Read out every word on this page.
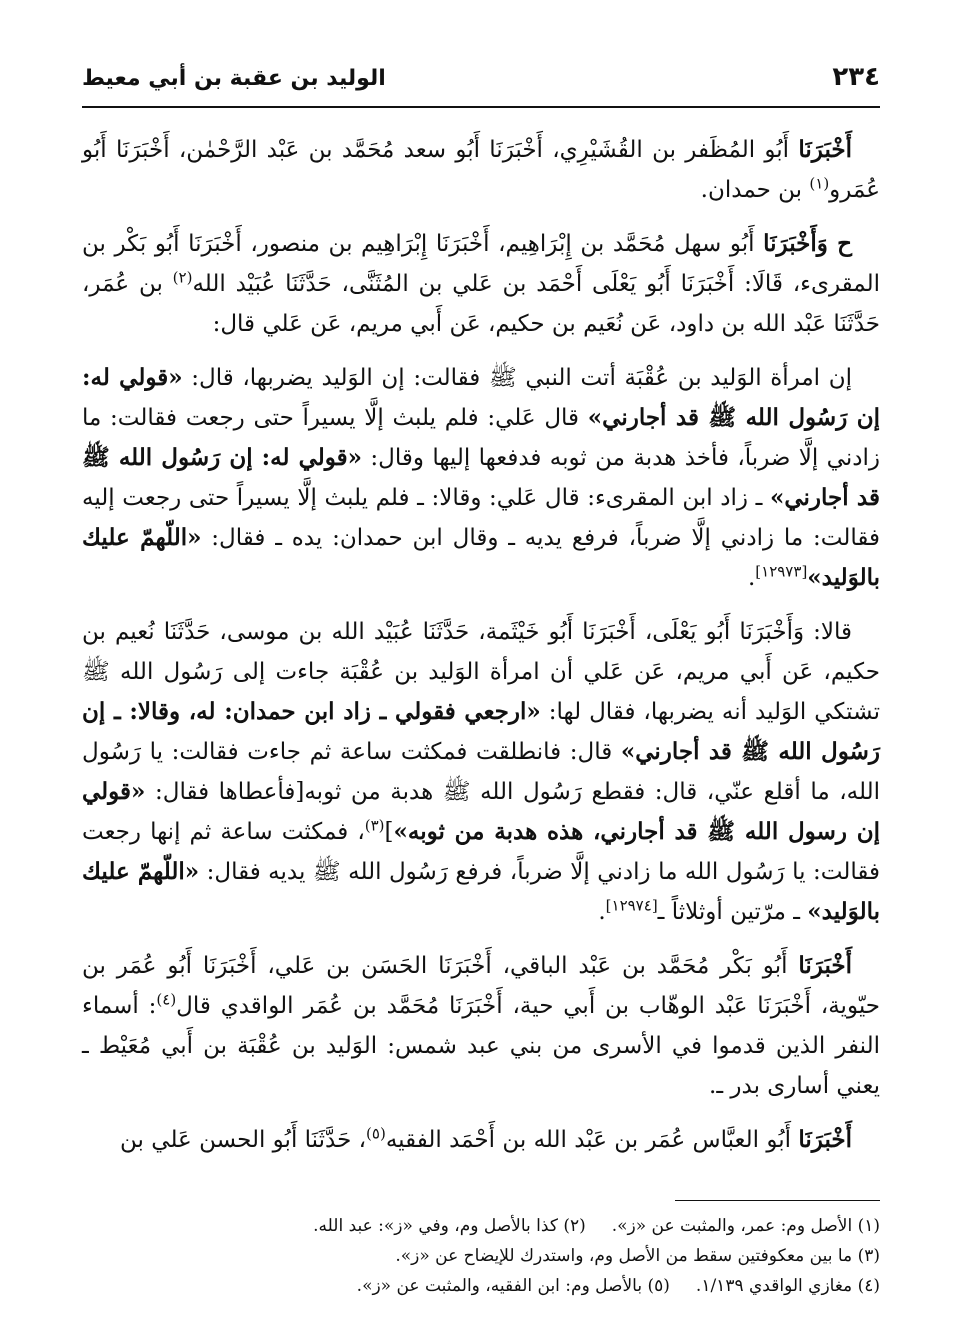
٢٣٤
الوليد بن عقبة بن أبي معيط

أَخْبَرَنَا أَبُو المُظَفر بن القُشَيْرِي، أَخْبَرَنَا أَبُو سعد مُحَمَّد بن عَبْد الرَّحْمٰن، أَخْبَرَنَا أَبُو عُمَرو$^{(١)}$ بن حمدان.

ح وَأَخْبَرَنَا أَبُو سهل مُحَمَّد بن إِبْرَاهِيم، أَخْبَرَنَا إِبْرَاهِيم بن منصور، أَخْبَرَنَا أَبُو بَكْر بن المقرىء، قَالَا: أَخْبَرَنَا أَبُو يَعْلَى أَحْمَد بن عَلي بن المُثَنَّى، حَدَّثَنَا عُبَيْد الله$^{(٢)}$ بن عُمَر، حَدَّثَنَا عَبْد الله بن داود، عَن نُعَيم بن حكيم، عَن أَبي مريم، عَن عَلي قال:

إن امرأة الوَليد بن عُقْبَة أتت النبي ﷺ فقالت: إن الوَليد يضربها، قال: «قولي له: إن رَسُول الله ﷺ قد أجارني» قال عَلي: فلم يلبث إلَّا يسيراً حتى رجعت فقالت: ما زادني إلَّا ضرباً، فأخذ هدبة من ثوبه فدفعها إليها وقال: «قولي له: إن رَسُول الله ﷺ قد أجارني» ـ زاد ابن المقرىء: قال عَلي: وقالا: ـ فلم يلبث إلَّا يسيراً حتى رجعت إليه فقالت: ما زادني إلَّا ضرباً، فرفع يديه ـ وقال ابن حمدان: يده ـ فقال: «اللّهمّ عليك بالوَليد»[١٢٩٧٣].

قالا: وَأَخْبَرَنَا أَبُو يَعْلَى، أَخْبَرَنَا أَبُو خَيْثَمة، حَدَّثَنَا عُبَيْد الله بن موسى، حَدَّثَنَا نُعيم بن حكيم، عَن أَبي مريم، عَن عَلي أن امرأة الوَليد بن عُقْبَة جاءت إلى رَسُول الله ﷺ تشتكي الوَليد أنه يضربها، فقال لها: «ارجعي فقولي ـ زاد ابن حمدان: له، وقالا: ـ إن رَسُول الله ﷺ قد أجارني» قال: فانطلقت فمكثت ساعة ثم جاءت فقالت: يا رَسُول الله، ما أقلع عنّي، قال: فقطع رَسُول الله ﷺ هدبة من ثوبه[فأعطاها فقال: «قولي إن رسول الله ﷺ قد أجارني، هذه هدبة من ثوبه»]$^{(٣)}$، فمكثت ساعة ثم إنها رجعت فقالت: يا رَسُول الله ما زادني إلَّا ضرباً، فرفع رَسُول الله ﷺ يديه فقال: «اللّهمّ عليك بالوَليد» ـ مرّتين أوثلاثاً ـ[١٢٩٧٤].

أَخْبَرَنَا أَبُو بَكْر مُحَمَّد بن عَبْد الباقي، أَخْبَرَنَا الحَسَن بن عَلي، أَخْبَرَنَا أَبُو عُمَر بن حيّوية، أَخْبَرَنَا عَبْد الوهّاب بن أَبي حية، أَخْبَرَنَا مُحَمَّد بن عُمَر الواقدي قال$^{(٤)}$: أسماء النفر الذين قدموا في الأسرى من بني عبد شمس: الوَليد بن عُقْبَة بن أَبي مُعَيْط ـ يعني أسارى بدر ـ.

أَخْبَرَنَا أَبُو العبَّاس عُمَر بن عَبْد الله بن أَحْمَد الفقيه$^{(٥)}$، حَدَّثَنَا أَبُو الحسن عَلي بن

(١) الأصل وم: عمر، والمثبت عن «ز».
(٢) كذا بالأصل وم، وفي «ز»: عبد الله.
(٣) ما بين معكوفتين سقط من الأصل وم، واستدرك للإيضاح عن «ز».
(٤) مغازي الواقدي ١/١٣٩.
(٥) بالأصل وم: ابن الفقيه، والمثبت عن «ز».
